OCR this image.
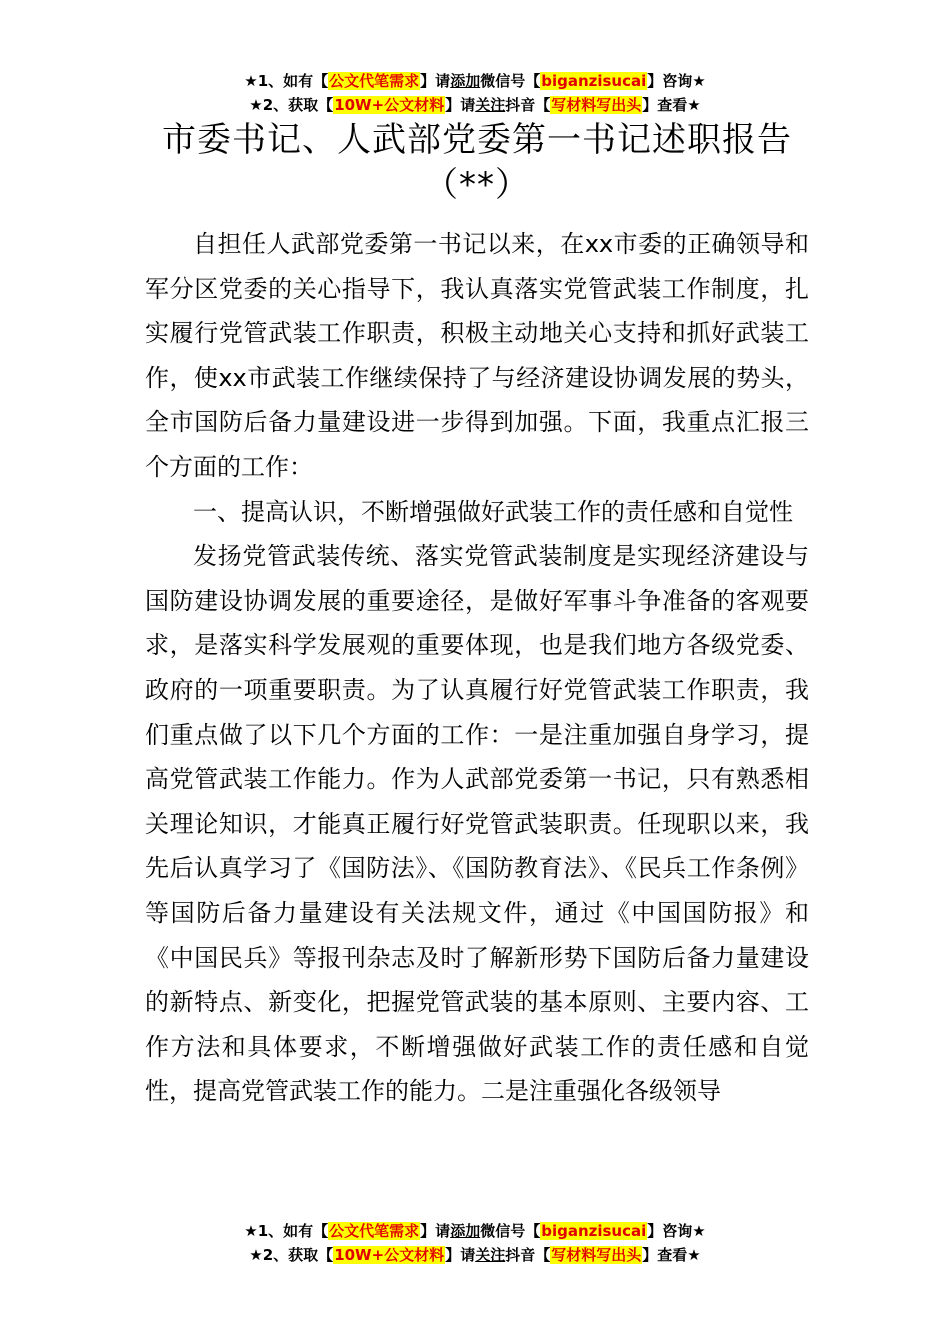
★1、如有【公文代笔需求】请添加微信号【biganzisucai】咨询★
★2、获取【10W+公文材料】请关注抖音【写材料写出头】查看★
市委书记、人武部党委第一书记述职报告（**）

自担任人武部党委第一书记以来，在xx市委的正确领导和军分区党委的关心指导下，我认真落实党管武装工作制度，扎实履行党管武装工作职责，积极主动地关心支持和抓好武装工作，使xx市武装工作继续保持了与经济建设协调发展的势头，全市国防后备力量建设进一步得到加强。下面，我重点汇报三个方面的工作：

一、提高认识，不断增强做好武装工作的责任感和自觉性

发扬党管武装传统、落实党管武装制度是实现经济建设与国防建设协调发展的重要途径，是做好军事斗争准备的客观要求，是落实科学发展观的重要体现，也是我们地方各级党委、政府的一项重要职责。为了认真履行好党管武装工作职责，我们重点做了以下几个方面的工作：一是注重加强自身学习，提高党管武装工作能力。作为人武部党委第一书记，只有熟悉相关理论知识，才能真正履行好党管武装职责。任现职以来，我先后认真学习了《国防法》、《国防教育法》、《民兵工作条例》等国防后备力量建设有关法规文件，通过《中国国防报》和《中国民兵》等报刊杂志及时了解新形势下国防后备力量建设的新特点、新变化，把握党管武装的基本原则、主要内容、工作方法和具体要求，不断增强做好武装工作的责任感和自觉性，提高党管武装工作的能力。二是注重强化各级领导

★1、如有【公文代笔需求】请添加微信号【biganzisucai】咨询★
★2、获取【10W+公文材料】请关注抖音【写材料写出头】查看★
